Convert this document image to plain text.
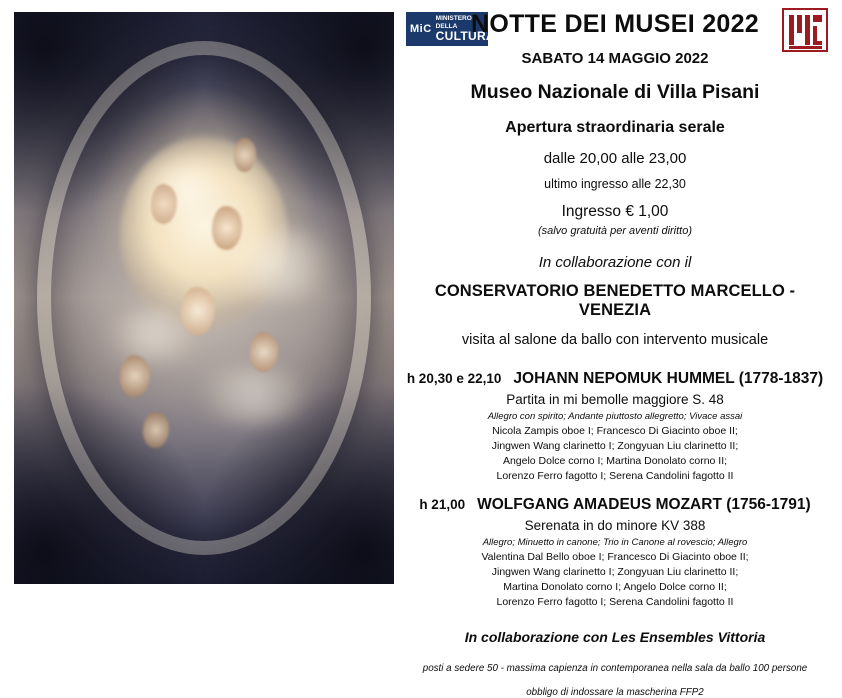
MiC
MINISTERO
DELLA
CULTURA
NOTTE DEI MUSEI 2022
SABATO 14 MAGGIO 2022
Museo Nazionale di Villa Pisani
Apertura straordinaria serale
dalle 20,00 alle 23,00
ultimo ingresso alle 22,30
Ingresso € 1,00
(salvo gratuità per aventi diritto)
In collaborazione con il
CONSERVATORIO BENEDETTO MARCELLO - VENEZIA
visita al salone da ballo con intervento musicale
h 20,30 e 22,10 JOHANN NEPOMUK HUMMEL (1778-1837)
Partita in mi bemolle maggiore S. 48
Allegro con spirito; Andante piuttosto allegretto; Vivace assai
Nicola Zampis oboe I; Francesco Di Giacinto oboe II;
Jingwen Wang clarinetto I; Zongyuan Liu clarinetto II;
Angelo Dolce corno I; Martina Donolato corno II;
Lorenzo Ferro fagotto I; Serena Candolini fagotto II
h 21,00 WOLFGANG AMADEUS MOZART (1756-1791)
Serenata in do minore KV 388
Allegro; Minuetto in canone; Trio in Canone al rovescio; Allegro
Valentina Dal Bello oboe I; Francesco Di Giacinto oboe II;
Jingwen Wang clarinetto I; Zongyuan Liu clarinetto II;
Martina Donolato corno I; Angelo Dolce corno II;
Lorenzo Ferro fagotto I; Serena Candolini fagotto II
In collaborazione con Les Ensembles Vittoria
posti a sedere 50 - massima capienza in contemporanea nella sala da ballo 100 persone
obbligo di indossare la mascherina FFP2
